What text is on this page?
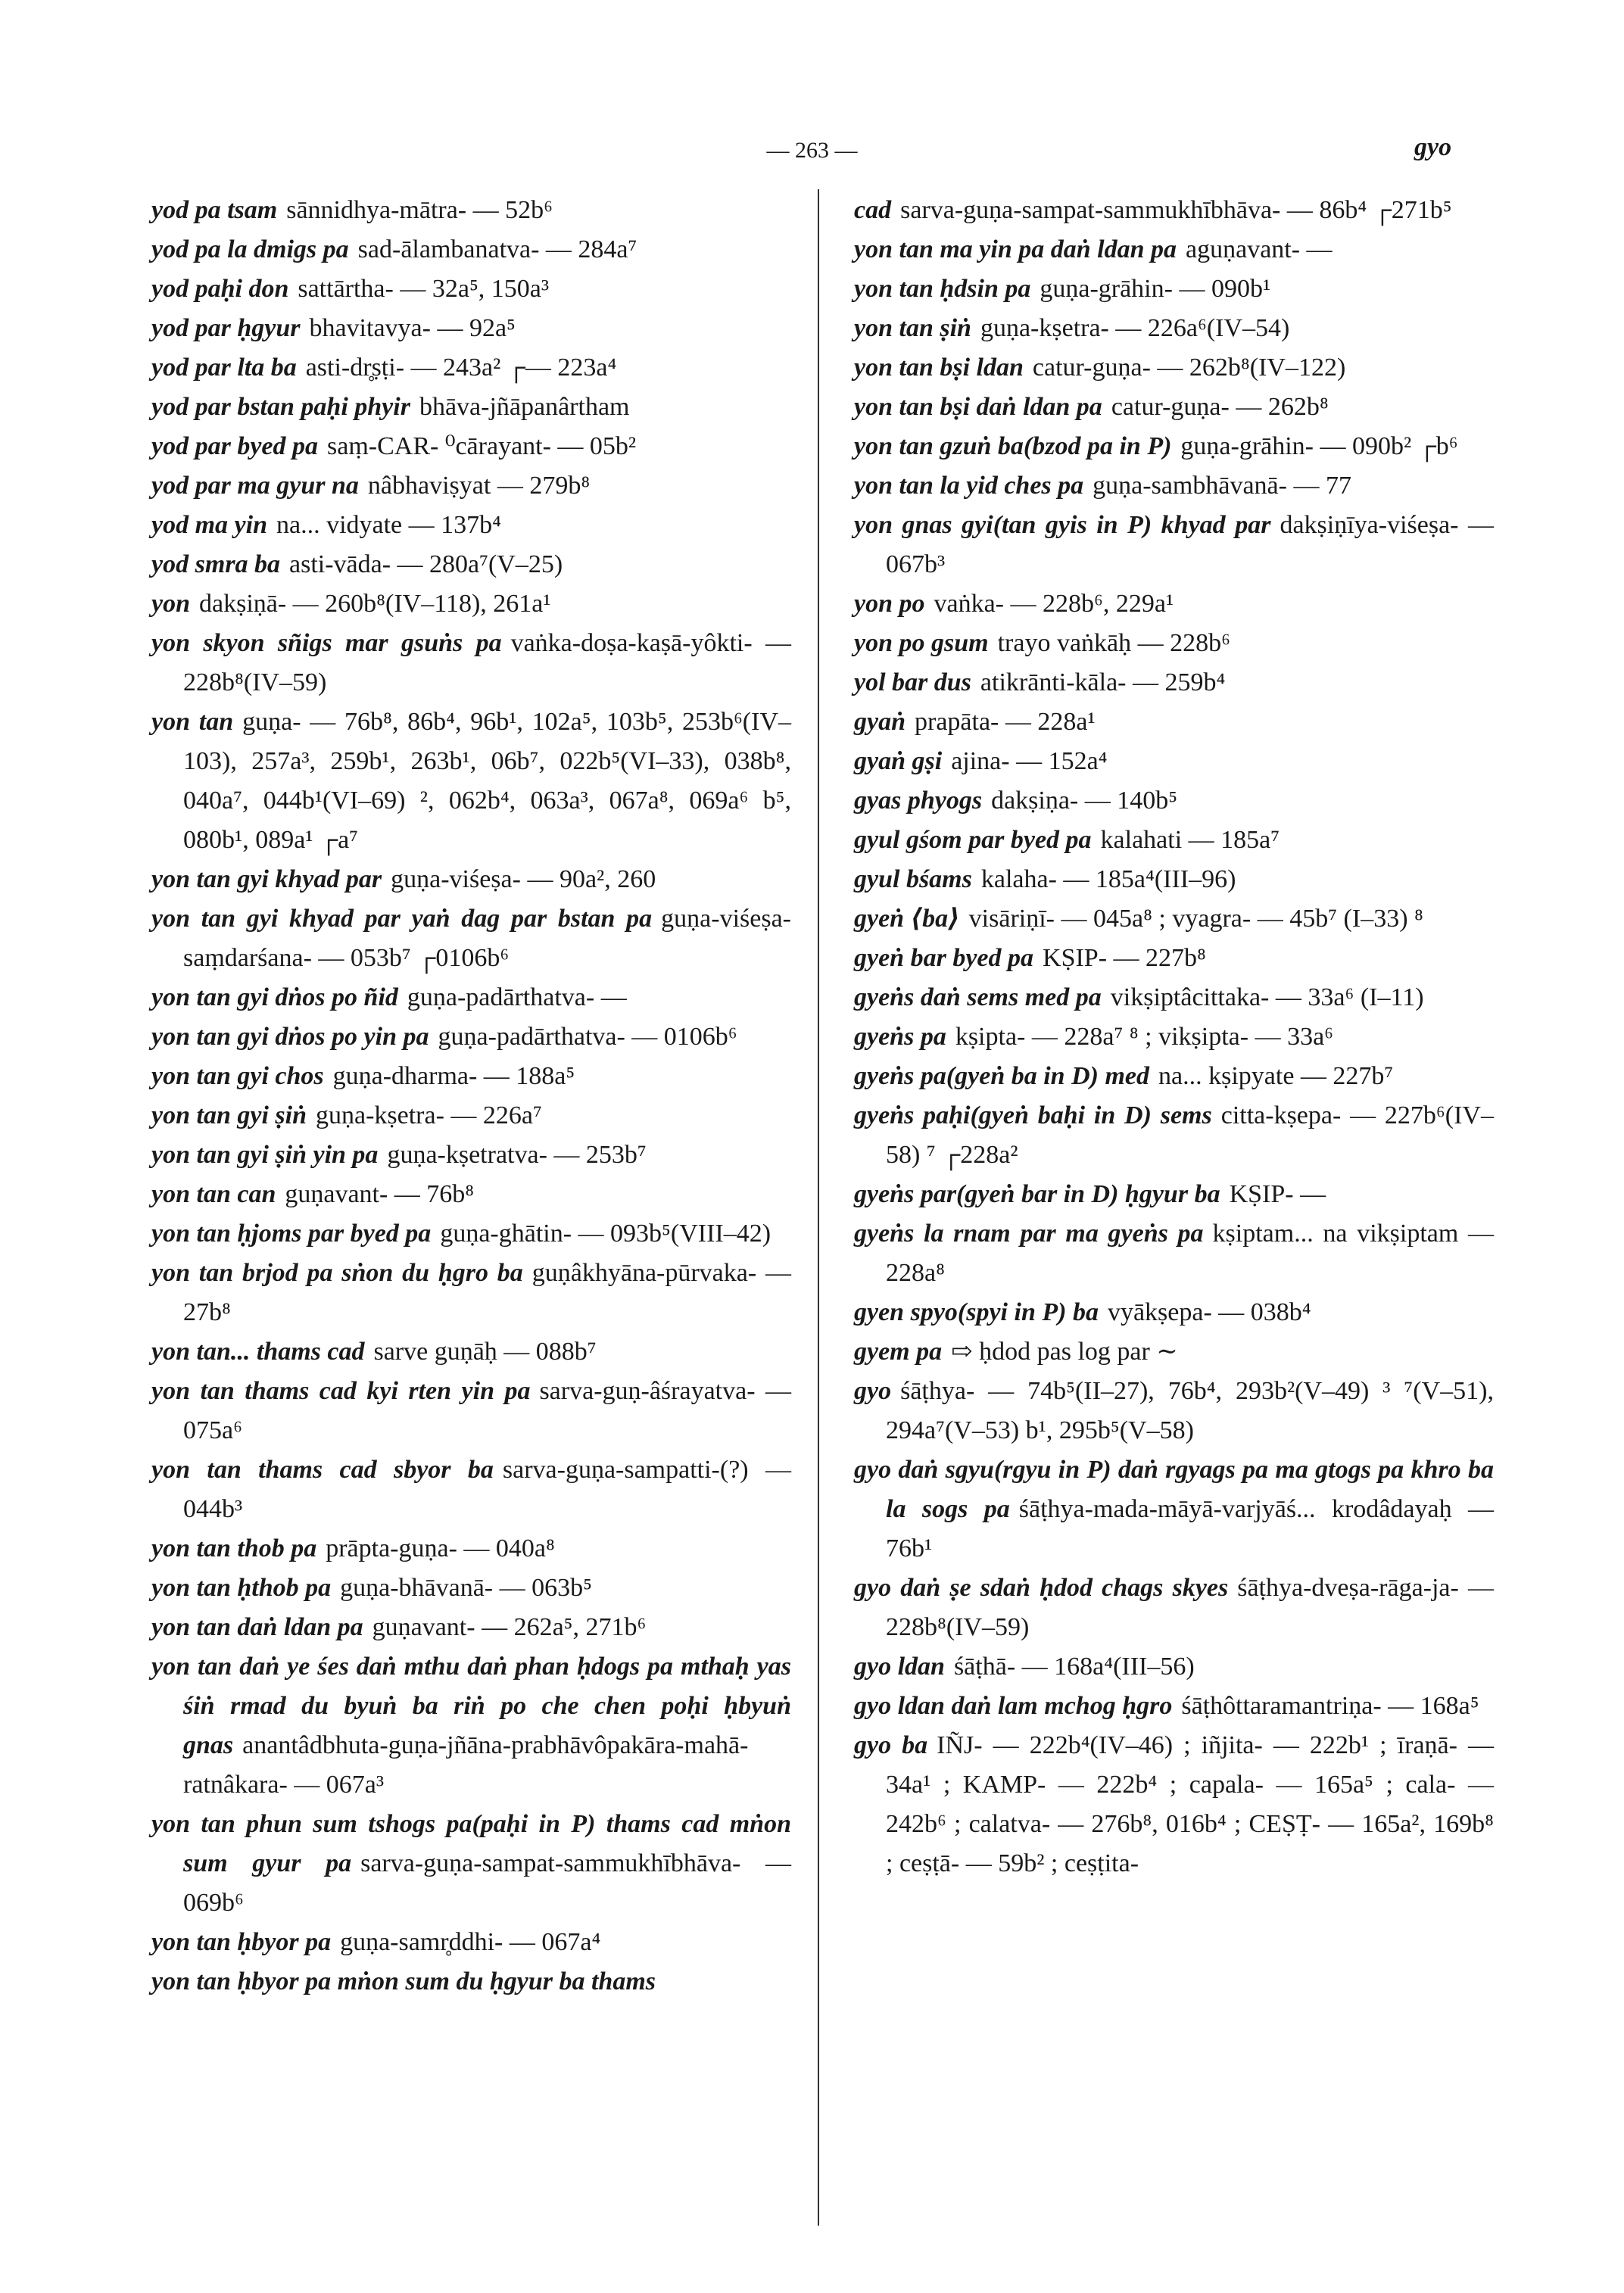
— 263 —	gyo

yod pa tsam sānnidhya-mātra- — 52b⁶

yod pa la dmigs pa sad-ālambanatva- — 284a⁷

yod paḥi don sattārtha- — 32a⁵, 150a³

yod par ḥgyur bhavitavya- — 92a⁵

yod par lta ba asti-dr̥ṣṭi- — 243a² ┌— 223a⁴

yod par bstan paḥi phyir bhāva-jñāpanârtham

yod par byed pa saṃ-CAR- ⁰cārayant- — 05b²

yod par ma gyur na nâbhaviṣyat — 279b⁸

yod ma yin na... vidyate — 137b⁴

yod smra ba asti-vāda- — 280a⁷(V–25)

yon dakṣiṇā- — 260b⁸(IV–118), 261a¹

yon skyon sñigs mar gsuṅs pa vaṅka-doṣa-kaṣā-yôkti- — 228b⁸(IV–59)

yon tan guṇa- — 76b⁸, 86b⁴, 96b¹, 102a⁵, 103b⁵, 253b⁶(IV–103), 257a³, 259b¹, 263b¹, 06b⁷, 022b⁵(VI–33), 038b⁸, 040a⁷, 044b¹(VI–69) ², 062b⁴, 063a³, 067a⁸, 069a⁶ b⁵, 080b¹, 089a¹ ┌a⁷

yon tan gyi khyad par guṇa-viśeṣa- — 90a², 260

yon tan gyi khyad par yaṅ dag par bstan pa guṇa-viśeṣa-saṃdarśana- — 053b⁷ ┌0106b⁶

yon tan gyi dṅos po ñid guṇa-padārthatva- —

yon tan gyi dṅos po yin pa guṇa-padārthatva- — 0106b⁶

yon tan gyi chos guṇa-dharma- — 188a⁵

yon tan gyi ṣiṅ guṇa-kṣetra- — 226a⁷

yon tan gyi ṣiṅ yin pa guṇa-kṣetratva- — 253b⁷

yon tan can guṇavant- — 76b⁸

yon tan ḥjoms par byed pa guṇa-ghātin- — 093b⁵(VIII–42)

yon tan brjod pa sṅon du ḥgro ba guṇâkhyāna-pūrvaka- — 27b⁸

yon tan... thams cad sarve guṇāḥ — 088b⁷

yon tan thams cad kyi rten yin pa sarva-guṇ-âśrayatva- — 075a⁶

yon tan thams cad sbyor ba sarva-guṇa-sampatti-(?) — 044b³

yon tan thob pa prāpta-guṇa- — 040a⁸

yon tan ḥthob pa guṇa-bhāvanā- — 063b⁵

yon tan daṅ ldan pa guṇavant- — 262a⁵, 271b⁶

yon tan daṅ ye śes daṅ mthu daṅ phan ḥdogs pa mthaḥ yas śiṅ rmad du byuṅ ba riṅ po che chen poḥi ḥbyuṅ gnas anantâdbhuta-guṇa-jñāna-prabhāvôpakāra-mahā-ratnâkara- — 067a³

yon tan phun sum tshogs pa(paḥi in P) thams cad mṅon sum gyur pa sarva-guṇa-sampat-sammukhībhāva- — 069b⁶

yon tan ḥbyor pa guṇa-samr̥ddhi- — 067a⁴

yon tan ḥbyor pa mṅon sum du ḥgyur ba thams

cad sarva-guṇa-sampat-sammukhībhāva- — 86b⁴ ┌271b⁵

yon tan ma yin pa daṅ ldan pa aguṇavant- —

yon tan ḥdsin pa guṇa-grāhin- — 090b¹

yon tan ṣiṅ guṇa-kṣetra- — 226a⁶(IV–54)

yon tan bṣi ldan catur-guṇa- — 262b⁸(IV–122)

yon tan bṣi daṅ ldan pa catur-guṇa- — 262b⁸

yon tan gzuṅ ba(bzod pa in P) guṇa-grāhin- — 090b² ┌b⁶

yon tan la yid ches pa guṇa-sambhāvanā- — 77

yon gnas gyi(tan gyis in P) khyad par dakṣiṇīya-viśeṣa- — 067b³

yon po vaṅka- — 228b⁶, 229a¹

yon po gsum trayo vaṅkāḥ — 228b⁶

yol bar dus atikrānti-kāla- — 259b⁴

gyaṅ prapāta- — 228a¹

gyaṅ gṣi ajina- — 152a⁴

gyas phyogs dakṣiṇa- — 140b⁵

gyul gśom par byed pa kalahati — 185a⁷

gyul bśams kalaha- — 185a⁴(III–96)

gyeṅ ⟨ba⟩ visāriṇī- — 045a⁸ ; vyagra- — 45b⁷ (I–33) ⁸

gyeṅ bar byed pa KṢIP- — 227b⁸

gyeṅs daṅ sems med pa vikṣiptâcittaka- — 33a⁶ (I–11)

gyeṅs pa kṣipta- — 228a⁷ ⁸ ; vikṣipta- — 33a⁶

gyeṅs pa(gyeṅ ba in D) med na... kṣipyate — 227b⁷

gyeṅs paḥi(gyeṅ baḥi in D) sems citta-kṣepa- — 227b⁶(IV–58) ⁷ ┌228a²

gyeṅs par(gyeṅ bar in D) ḥgyur ba KṢIP- —

gyeṅs la rnam par ma gyeṅs pa kṣiptam... na vikṣiptam — 228a⁸

gyen spyo(spyi in P) ba vyākṣepa- — 038b⁴

gyem pa ⇨ ḥdod pas log par ∼

gyo śāṭhya- — 74b⁵(II–27), 76b⁴, 293b²(V–49) ³ ⁷(V–51), 294a⁷(V–53) b¹, 295b⁵(V–58)

gyo daṅ sgyu(rgyu in P) daṅ rgyags pa ma gtogs pa khro ba la sogs pa śāṭhya-mada-māyā-varjyāś... krodâdayaḥ — 76b¹

gyo daṅ ṣe sdaṅ ḥdod chags skyes śāṭhya-dveṣa-rāga-ja- — 228b⁸(IV–59)

gyo ldan śāṭhā- — 168a⁴(III–56)

gyo ldan daṅ lam mchog ḥgro śāṭhôttaramantriṇa- — 168a⁵

gyo ba IÑJ- — 222b⁴(IV–46) ; iñjita- — 222b¹ ; īraṇā- — 34a¹ ; KAMP- — 222b⁴ ; capala- — 165a⁵ ; cala- — 242b⁶ ; calatva- — 276b⁸, 016b⁴ ; CEṢṬ- — 165a², 169b⁸ ; ceṣṭā- — 59b² ; ceṣṭita-
